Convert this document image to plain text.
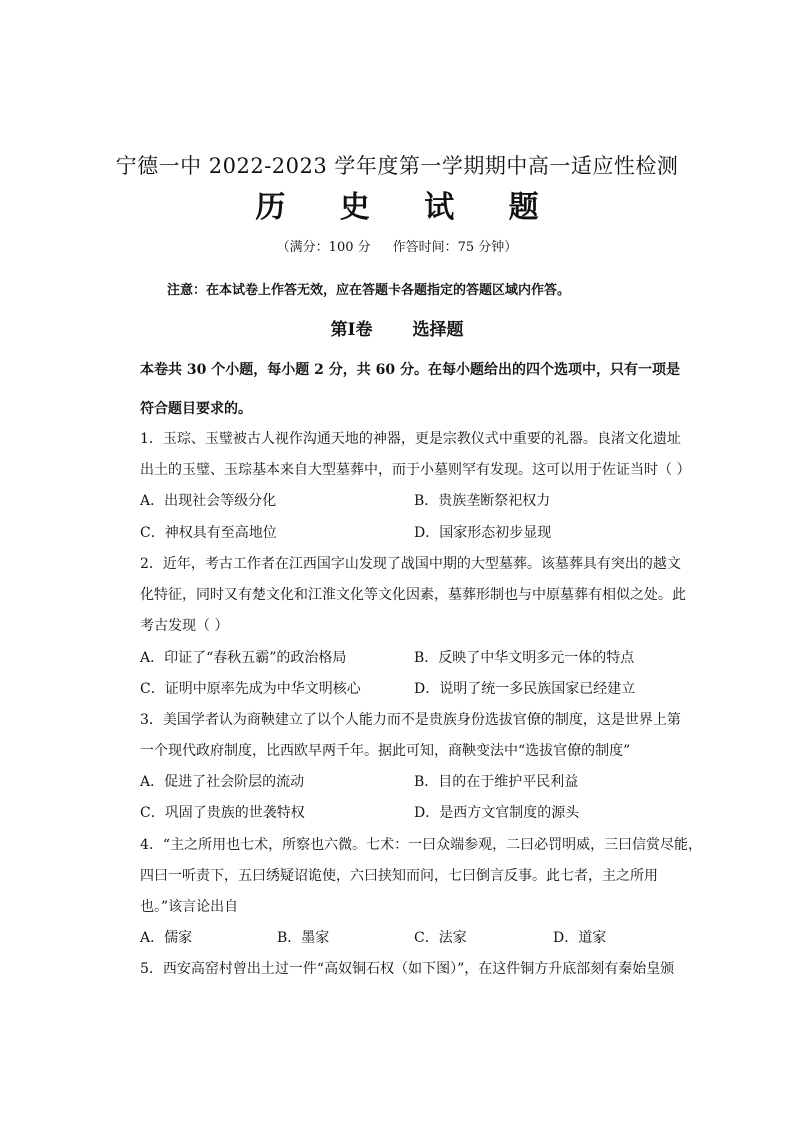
宁德一中 2022-2023 学年度第一学期期中高一适应性检测
历 史 试 题
（满分：100 分 作答时间：75 分钟）
注意：在本试卷上作答无效，应在答题卡各题指定的答题区域内作答。
第Ⅰ卷 选择题
本卷共 30 个小题，每小题 2 分，共 60 分。在每小题给出的四个选项中，只有一项是
符合题目要求的。
1．玉琮、玉璧被古人视作沟通天地的神器，更是宗教仪式中重要的礼器。良渚文化遗址
出土的玉璧、玉琮基本来自大型墓葬中，而于小墓则罕有发现。这可以用于佐证当时（ ）
A．出现社会等级分化	B．贵族垄断祭祀权力
C．神权具有至高地位	D．国家形态初步显现
2．近年，考古工作者在江西国字山发现了战国中期的大型墓葬。该墓葬具有突出的越文
化特征，同时又有楚文化和江淮文化等文化因素，墓葬形制也与中原墓葬有相似之处。此
考古发现（ ）
A．印证了“春秋五霸”的政治格局	B．反映了中华文明多元一体的特点
C．证明中原率先成为中华文明核心	D．说明了统一多民族国家已经建立
3．美国学者认为商鞅建立了以个人能力而不是贵族身份选拔官僚的制度，这是世界上第
一个现代政府制度，比西欧早两千年。据此可知，商鞅变法中“选拔官僚的制度”
A．促进了社会阶层的流动	B．目的在于维护平民利益
C．巩固了贵族的世袭特权	D．是西方文官制度的源头
4．“主之所用也七术，所察也六微。七术：一曰众端参观，二曰必罚明威，三曰信赏尽能，
四曰一听责下，五曰绣疑诏诡使，六曰挟知而问，七曰倒言反事。此七者，主之所用
也。”该言论出自
A．儒家	B．墨家	C．法家	D．道家
5．西安高窑村曾出土过一件“高奴铜石权（如下图）”，在这件铜方升底部刻有秦始皇颁
